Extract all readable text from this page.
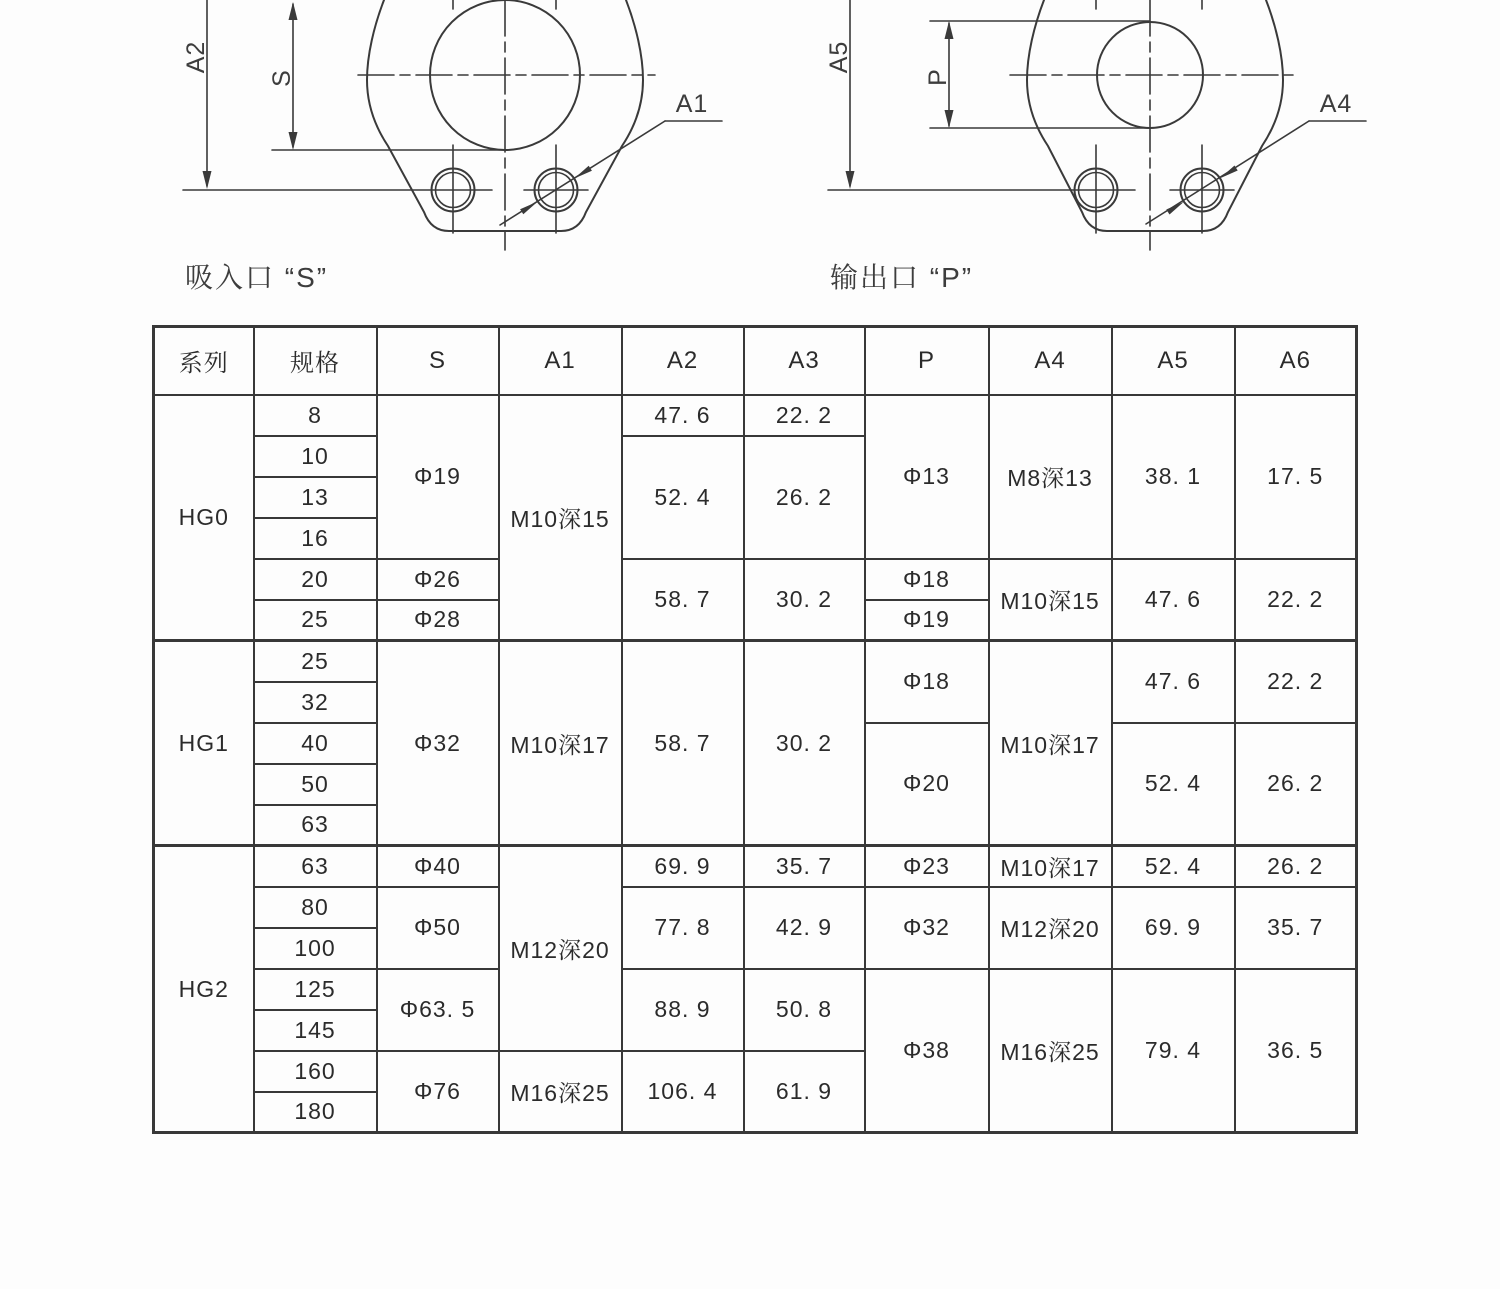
A2
S
A1
吸入口 “S”
A5
P
A4
输出口 “P”
系列	规格	S	A1	A2	A3	P	A4	A5	A6
HG0	8	Φ19	M10深15	47. 6	22. 2	Φ13	M8深13	38. 1	17. 5
	10			52. 4	26. 2				
	13								
	16								
	20	Φ26		58. 7	30. 2	Φ18	M10深15	47. 6	22. 2
	25	Φ28				Φ19			
HG1	25	Φ32	M10深17	58. 7	30. 2	Φ18	M10深17	47. 6	22. 2
	32								
	40					Φ20		52. 4	26. 2
	50								
	63								
HG2	63	Φ40	M12深20	69. 9	35. 7	Φ23	M10深17	52. 4	26. 2
	80	Φ50		77. 8	42. 9	Φ32	M12深20	69. 9	35. 7
	100								
	125	Φ63. 5		88. 9	50. 8	Φ38	M16深25	79. 4	36. 5
	145								
	160	Φ76	M16深25	106. 4	61. 9				
	180								
